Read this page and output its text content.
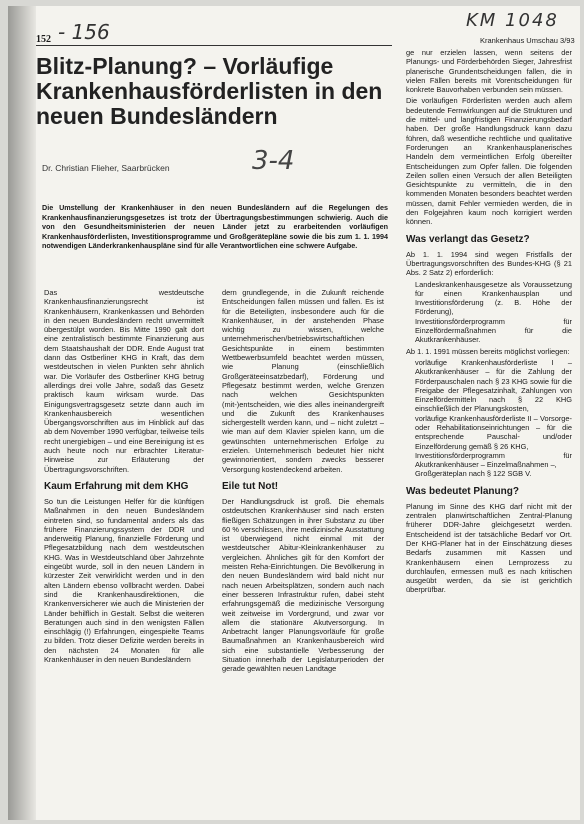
152 - 156	KM 1048
Krankenhaus Umschau 3/93
Blitz-Planung? – Vorläufige Krankenhausförderlisten in den neuen Bundesländern
3-4
Dr. Christian Flieher, Saarbrücken

Die Umstellung der Krankenhäuser in den neuen Bundesländern auf die Regelungen des Krankenhausfinanzierungsgesetzes ist trotz der Übertragungsbestimmungen schwierig. Auch die von den Gesundheitsministerien der neuen Länder jetzt zu erarbeitenden vorläufigen Krankenhausförderlisten, Investitionsprogramme und Großgerätepläne sowie die bis zum 1. 1. 1994 notwendigen Länderkrankenhauspläne sind für alle Verantwortlichen eine schwere Aufgabe.

Das westdeutsche Krankenhausfinanzierungsrecht ist Krankenhäusern, Krankenkassen und Behörden in den neuen Bundesländern recht unvermittelt übergestülpt worden. Bis Mitte 1990 galt dort eine zentralistisch bestimmte Finanzierung aus dem Staatshaushalt der DDR. Ende August trat dann das Ostberliner KHG in Kraft, das dem westdeutschen in vielen Punkten sehr ähnlich war. Die Vorläufer des Ostberliner KHG betrug allerdings drei volle Jahre, sodaß das Gesetz praktisch kaum wirksam wurde. Das Einigungsvertragsgesetz setzte dann auch im Krankenhausbereich wesentlichen Übergangsvorschriften aus im Hinblick auf das ab dem November 1990 verfügbar, teilweise teils recht unergiebigen – und eine Bereinigung ist es auch heute noch nur erbrachter Literatur-Hinweise zur Erläuterung der Übertragungsvorschriften.

Kaum Erfahrung mit dem KHG

So tun die Leistungen Helfer für die künftigen Maßnahmen in den neuen Bundesländern eintreten sind, so fundamental anders als das frühere Finanzierungssystem der DDR und anderweitig Planung, finanzielle Förderung und Pflegesatzbildung nach dem westdeutschen KHG. Was in Westdeutschland über Jahrzehnte eingeübt wurde, soll in den neuen Ländern in kürzester Zeit verwirklicht werden und in den alten Ländern ebenso vollbracht werden. Dabei sind die Krankenhausdirektionen, die Krankenversicherer wie auch die Ministerien der Länder behilflich in Gestalt. Selbst die weiteren Beratungen auch sind in den wenigsten Fällen einschlägig (!) Erfahrungen, eingespielte Teams zu bilden. Trotz dieser Defizite werden bereits in den nächsten 24 Monaten für alle Krankenhäuser in den neuen Bundesländern

dern grundlegende, in die Zukunft reichende Entscheidungen fallen müssen und fallen. Es ist für die Beteiligten, insbesondere auch für die Krankenhäuser, in der anstehenden Phase wichtig zu wissen, welche unternehmerischen/betriebswirtschaftlichen Gesichtspunkte in einem bestimmten Wettbewerbsumfeld beachtet werden müssen, wie Planung (einschließlich Großgeräteeinsatzbedarf), Förderung und Pflegesatz bestimmt werden, welche Grenzen nach welchen Gesichtspunkten (mit-)entscheiden, wie dies alles ineinandergreift und die Zukunft des Krankenhauses sichergestellt werden kann, und – nicht zuletzt – wie man auf dem Klavier spielen kann, um die gewünschten unternehmerischen Erfolge zu erzielen. Unternehmerisch bedeutet hier nicht gewinnorientiert, sondern zwecks besserer Versorgung kostendeckend arbeiten.

Eile tut Not!

Der Handlungsdruck ist groß. Die ehemals ostdeutschen Krankenhäuser sind nach ersten fließigen Schätzungen in ihrer Substanz zu über 60 % verschlissen, ihre medizinische Ausstattung ist überwiegend nicht einmal mit der westdeutscher Abitur-Kleinkrankenhäuser zu vergleichen. Ähnliches gilt für den Komfort der meisten Reha-Einrichtungen. Die Bevölkerung in den neuen Bundesländern wird bald nicht nur nach neuen Arbeitsplätzen, sondern auch nach einer besseren Infrastruktur rufen, dabei steht erfahrungsgemäß die medizinische Versorgung weit zeitweise im Vordergrund, und zwar vor allem die stationäre Akutversorgung. In Anbetracht langer Planungsvorläufe für große Baumaßnahmen an Krankenhausbereich wird sich eine substantielle Verbesserung der Situation innerhalb der Legislaturperioden der gerade gewählten neuen Landtage

ge nur erzielen lassen, wenn seitens der Planungs- und Förderbehörden Sieger, Jahresfrist planerische Grundentscheidungen fallen, die in vielen Fällen bereits mit Vorentscheidungen für konkrete Bauvorhaben verbunden sein müssen.

Die vorläufigen Förderlisten werden auch allem bedeutende Fernwirkungen auf die Strukturen und die mittel- und langfristigen Finanzierungsbedarf haben. Der große Handlungsdruck kann dazu führen, daß wesentliche rechtliche und qualitative Forderungen an Krankenhausplanerisches Handeln dem vermeintlichen Erfolg übereilter Entscheidungen zum Opfer fallen. Die folgenden Zeilen sollen einen Versuch der allen Beteiligten Gesichtspunkte zu vermitteln, die in den kommenden Monaten besonders beachtet werden müssen, damit Fehler vermieden werden, die in den Folgejahren kaum noch korrigiert werden können.

Was verlangt das Gesetz?

Ab 1. 1. 1994 sind wegen Fristfalls der Übertragungsvorschriften des Bundes-KHG (§ 21 Abs. 2 Satz 2) erforderlich:

• Landeskrankenhausgesetze als Voraussetzung für einen Krankenhausplan und Investitionsförderung (z. B. Höhe der Förderung),
• Investitionsförderprogramm für Einzelfördermaßnahmen für die Akutkrankenhäuser.

Ab 1. 1. 1991 müssen bereits möglichst vorliegen:

• vorläufige Krankenhausförderliste I – Akutkrankenhäuser – für die Zahlung der Förderpauschalen nach § 23 KHG sowie für die Freigabe der Pflegesatzinhalt, Zahlungen von Einzelfördermitteln nach § 22 KHG einschließlich der Planungskosten,
• vorläufige Krankenhausförderliste II – Vorsorge- oder Rehabilitationseinrichtungen – für die entsprechende Pauschal- und/oder Einzelförderung gemäß § 26 KHG,
• Investitionsförderprogramm für Akutkrankenhäuser – Einzelmaßnahmen –,
• Großgeräteplan nach § 122 SGB V.
Was bedeutet Planung?

Planung im Sinne des KHG darf nicht mit der zentralen planwirtschaftlichen Zentral-Planung früherer DDR-Jahre gleichgesetzt werden. Entscheidend ist der tatsächliche Bedarf vor Ort. Der KHG-Planer hat in der Einschätzung dieses Bedarfs zusammen mit Kassen und Krankenhäusern einen Lernprozess zu durchlaufen, ermessen muß es nach kritischen ausgeübt werden, da sie ist gerichtlich überprüfbar.
